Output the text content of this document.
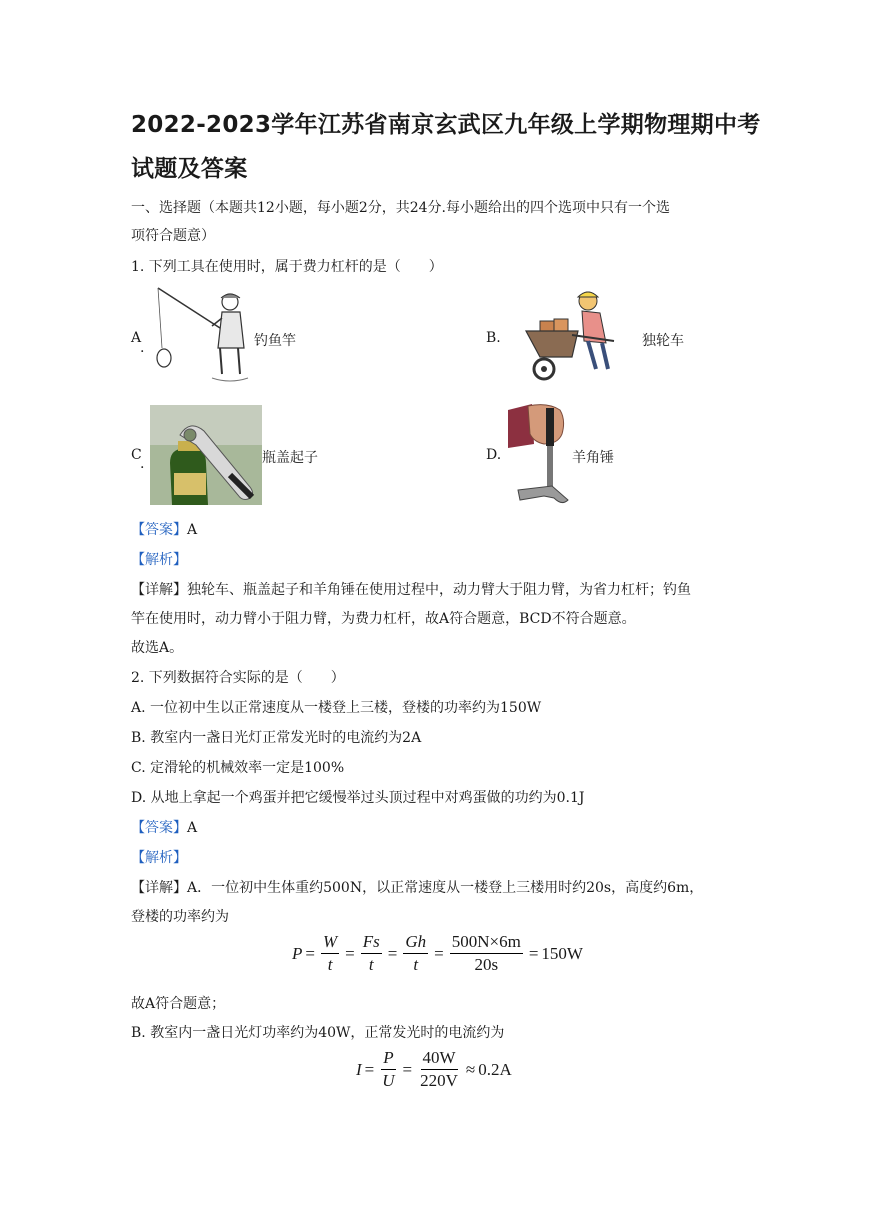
2022-2023学年江苏省南京玄武区九年级上学期物理期中考
试题及答案
一、选择题（本题共12小题，每小题2分，共24分.每小题给出的四个选项中只有一个选
项符合题意）
1. 下列工具在使用时，属于费力杠杆的是（　　）
A
.	钓鱼竿	B.	独轮车
C
.	瓶盖起子	D.	羊角锤
【答案】A
【解析】
【详解】独轮车、瓶盖起子和羊角锤在使用过程中，动力臂大于阻力臂，为省力杠杆；钓鱼
竿在使用时，动力臂小于阻力臂，为费力杠杆，故A符合题意，BCD不符合题意。
故选A。
2. 下列数据符合实际的是（　　）
A. 一位初中生以正常速度从一楼登上三楼，登楼的功率约为150W
B. 教室内一盏日光灯正常发光时的电流约为2A
C. 定滑轮的机械效率一定是100%
D. 从地上拿起一个鸡蛋并把它缓慢举过头顶过程中对鸡蛋做的功约为0.1J
【答案】A
【解析】
【详解】A．一位初中生体重约500N，以正常速度从一楼登上三楼用时约20s，高度约6m，
登楼的功率约为
$P = \frac{W}{t} = \frac{Fs}{t} = \frac{Gh}{t} = \frac{500N\times 6m}{20s} = 150W$
故A符合题意；
B. 教室内一盏日光灯功率约为40W，正常发光时的电流约为
$I = \frac{P}{U} = \frac{40W}{220V} \approx 0.2A$
